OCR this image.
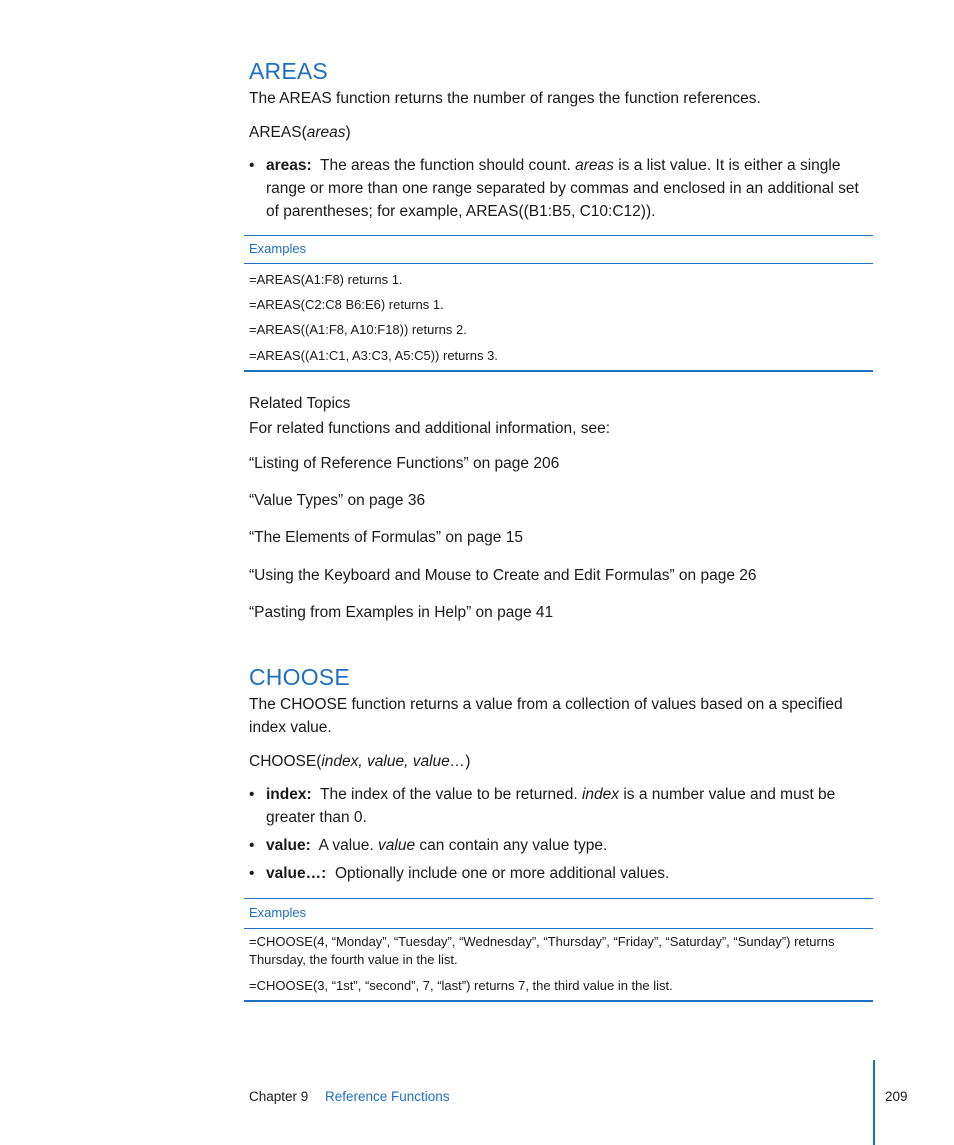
AREAS
The AREAS function returns the number of ranges the function references.
AREAS(areas)
• areas: The areas the function should count. areas is a list value. It is either a single range or more than one range separated by commas and enclosed in an additional set of parentheses; for example, AREAS((B1:B5, C10:C12)).
Examples
=AREAS(A1:F8) returns 1.
=AREAS(C2:C8 B6:E6) returns 1.
=AREAS((A1:F8, A10:F18)) returns 2.
=AREAS((A1:C1, A3:C3, A5:C5)) returns 3.
Related Topics
For related functions and additional information, see:
“Listing of Reference Functions” on page 206
“Value Types” on page 36
“The Elements of Formulas” on page 15
“Using the Keyboard and Mouse to Create and Edit Formulas” on page 26
“Pasting from Examples in Help” on page 41
CHOOSE
The CHOOSE function returns a value from a collection of values based on a specified index value.
CHOOSE(index, value, value…)
• index: The index of the value to be returned. index is a number value and must be greater than 0.
• value: A value. value can contain any value type.
• value…: Optionally include one or more additional values.
Examples
=CHOOSE(4, “Monday”, “Tuesday”, “Wednesday”, “Thursday”, “Friday”, “Saturday”, “Sunday”) returns Thursday, the fourth value in the list.
=CHOOSE(3, “1st”, “second”, 7, “last”) returns 7, the third value in the list.
Chapter 9 Reference Functions	209
